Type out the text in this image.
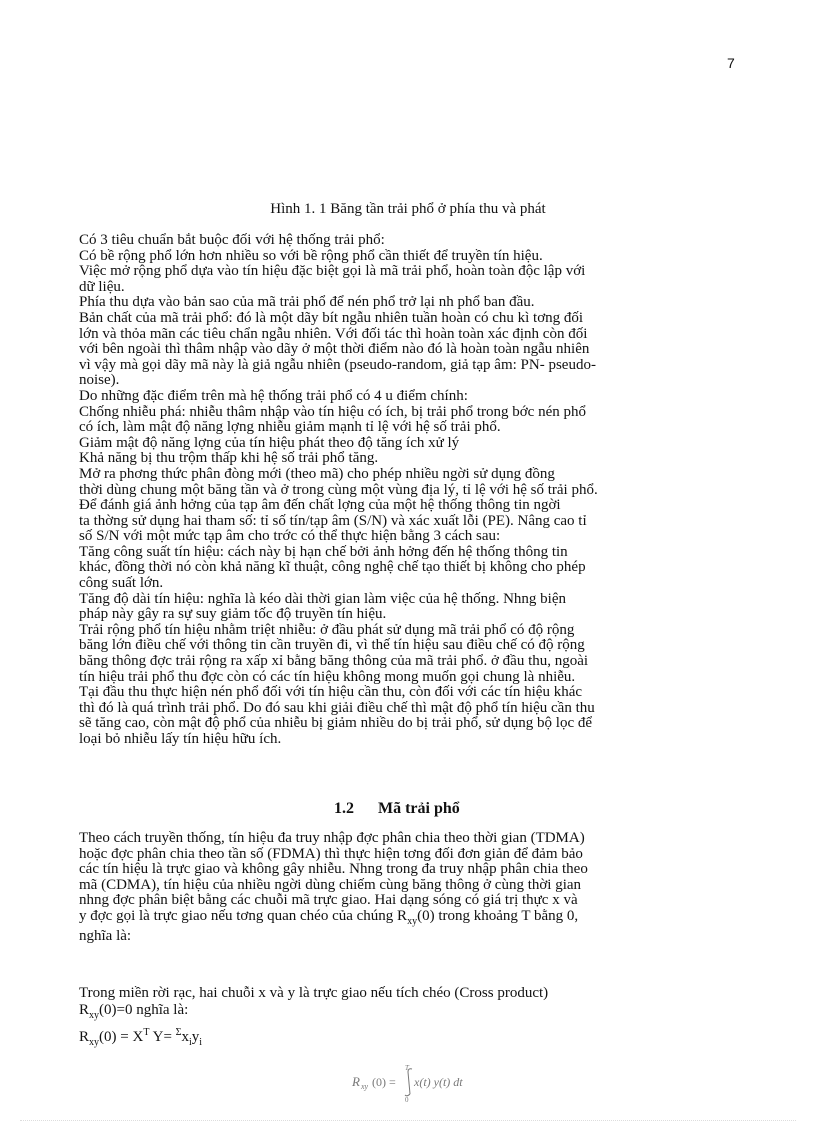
7
Hình 1. 1 Băng tần trải phổ ở phía thu và phát
Có 3 tiêu chuẩn bắt buộc đối với hệ thống trải phổ:
Có bề rộng phổ lớn hơn nhiều so với bề rộng phổ cần thiết để truyền tín hiệu.
Việc mở rộng phổ dựa vào tín hiệu đặc biệt gọi là mã trải phổ, hoàn toàn độc lập với
dữ liệu.
Phía thu dựa vào bản sao của mã trải phổ để nén phổ trở lại nh phổ ban đầu.
Bản chất của mã trải phổ: đó là một dãy bít ngẫu nhiên tuần hoàn có chu kì tơng đối
lớn và thỏa mãn các tiêu chẩn ngẫu nhiên. Với đối tác thì hoàn toàn xác định còn đối
với bên ngoài thì thâm nhập vào dãy ở một thời điểm nào đó là hoàn toàn ngẫu nhiên
vì vậy mà gọi dãy mã này là giả ngẫu nhiên (pseudo-random, giả tạp âm: PN- pseudo-
noise).
Do những đặc điểm trên mà hệ thống trải phổ có 4 u điểm chính:
Chống nhiễu phá: nhiễu thâm nhập vào tín hiệu có ích, bị trải phổ trong bớc nén phổ
có ích, làm mật độ năng lợng nhiễu giảm mạnh tỉ lệ với hệ số trải phổ.
Giảm mật độ năng lợng của tín hiệu phát theo độ tăng ích xử lý
Khả năng bị thu trộm thấp khi hệ số trải phổ tăng.
Mở ra phơng thức phân đòng mới (theo mã) cho phép nhiều ngời sử dụng đồng
thời dùng chung một băng tần và ở trong cùng một vùng địa lý, tỉ lệ với hệ số trải phổ.
Để đánh giá ảnh hởng của tạp âm đến chất lợng của một hệ thống thông tin ngời
ta thờng sử dụng hai tham số: tỉ số tín/tạp âm (S/N) và xác xuất lỗi (PE). Nâng cao tỉ
số S/N với một mức tạp âm cho trớc có thể thực hiện bằng 3 cách sau:
Tăng công suất tín hiệu: cách này bị hạn chế bởi ảnh hởng đến hệ thống thông tin
khác, đồng thời nó còn khả năng kĩ thuật, công nghệ chế tạo thiết bị không cho phép
công suất lớn.
Tăng độ dài tín hiệu: nghĩa là kéo dài thời gian làm việc của hệ thống. Nhng biện
pháp này gây ra sự suy giảm tốc độ truyền tín hiệu.
Trải rộng phổ tín hiệu nhằm triệt nhiễu: ở đầu phát sử dụng mã trải phổ có độ rộng
băng lớn điều chế với thông tin cần truyền đi, vì thế tín hiệu sau điều chế có độ rộng
băng thông đợc trải rộng ra xấp xỉ bằng băng thông của mã trải phổ. ở đầu thu, ngoài
tín hiệu trải phổ thu đợc còn có các tín hiệu không mong muốn gọi chung là nhiễu.
Tại đầu thu thực hiện nén phổ đối với tín hiệu cần thu, còn đối với các tín hiệu khác
thì đó là quá trình trải phổ. Do đó sau khi giải điều chế thì mật độ phổ tín hiệu cần thu
sẽ tăng cao, còn mật độ phổ của nhiễu bị giảm nhiều do bị trải phổ, sử dụng bộ lọc để
loại bỏ nhiễu lấy tín hiệu hữu ích.
1.2 Mã trải phổ
Theo cách truyền thống, tín hiệu đa truy nhập đợc phân chia theo thời gian (TDMA)
hoặc đợc phân chia theo tần số (FDMA) thì thực hiện tơng đối đơn giản để đảm bảo
các tín hiệu là trực giao và không gây nhiễu. Nhng trong đa truy nhập phân chia theo
mã (CDMA), tín hiệu của nhiều ngời dùng chiếm cùng băng thông ở cùng thời gian
nhng đợc phân biệt bằng các chuỗi mã trực giao. Hai dạng sóng có giá trị thực x và
y đợc gọi là trực giao nếu tơng quan chéo của chúng $R_{xy}(0)$ trong khoảng T bằng 0,
nghĩa là:
Trong miền rời rạc, hai chuỗi x và y là trực giao nếu tích chéo (Cross product)
$R_{xy}(0)=0$ nghĩa là:
$R_{xy}(0) = X^T$ $Y= ^\Sigma x_iy_i$
R xy (0) =
T
0
x(t) y(t) dt
